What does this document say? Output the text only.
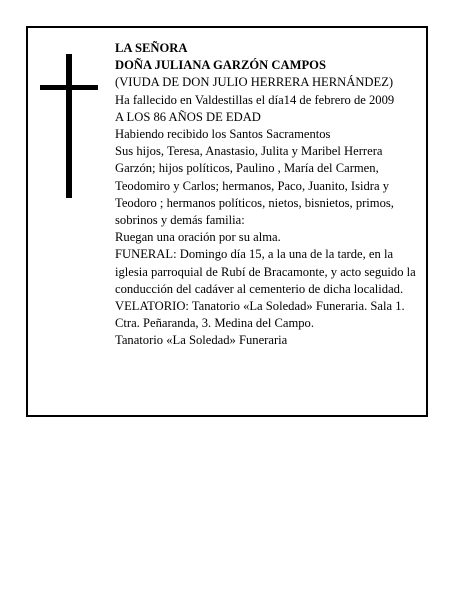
LA SEÑORA

DOÑA JULIANA GARZÓN CAMPOS

(VIUDA DE DON JULIO HERRERA HERNÁNDEZ)

Ha fallecido en Valdestillas el día14 de febrero de 2009

A LOS 86 AÑOS DE EDAD

Habiendo recibido los Santos Sacramentos

Sus hijos, Teresa, Anastasio, Julita y Maribel Herrera Garzón; hijos políticos, Paulino , María del Carmen, Teodomiro y Carlos; hermanos, Paco, Juanito, Isidra y Teodoro ; hermanos políticos, nietos, bisnietos, primos, sobrinos y demás familia:

Ruegan una oración por su alma.

FUNERAL: Domingo día 15, a la una de la tarde, en la iglesia parroquial de Rubí de Bracamonte, y acto seguido la conducción del cadáver al cementerio de dicha localidad.

VELATORIO: Tanatorio «La Soledad» Funeraria. Sala 1. Ctra. Peñaranda, 3. Medina del Campo.

Tanatorio «La Soledad» Funeraria
